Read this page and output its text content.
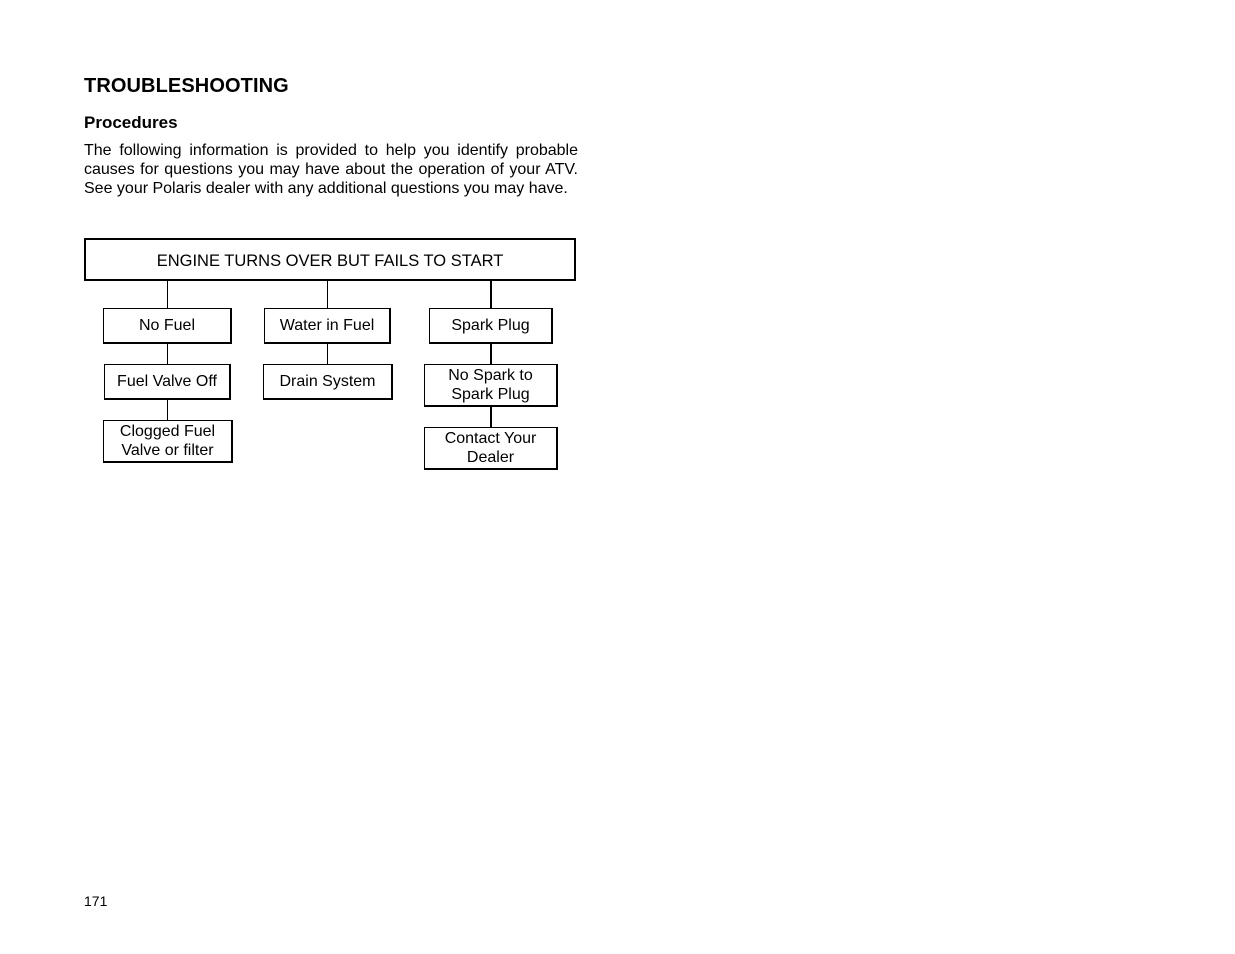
TROUBLESHOOTING
Procedures

The following information is provided to help you identify probable causes for questions you may have about the operation of your ATV. See your Polaris dealer with any additional questions you may have.

ENGINE TURNS OVER BUT FAILS TO START
No Fuel
Fuel Valve Off
Clogged Fuel Valve or filter
Water in Fuel
Drain System
Spark Plug
No Spark to Spark Plug
Contact Your Dealer

171
